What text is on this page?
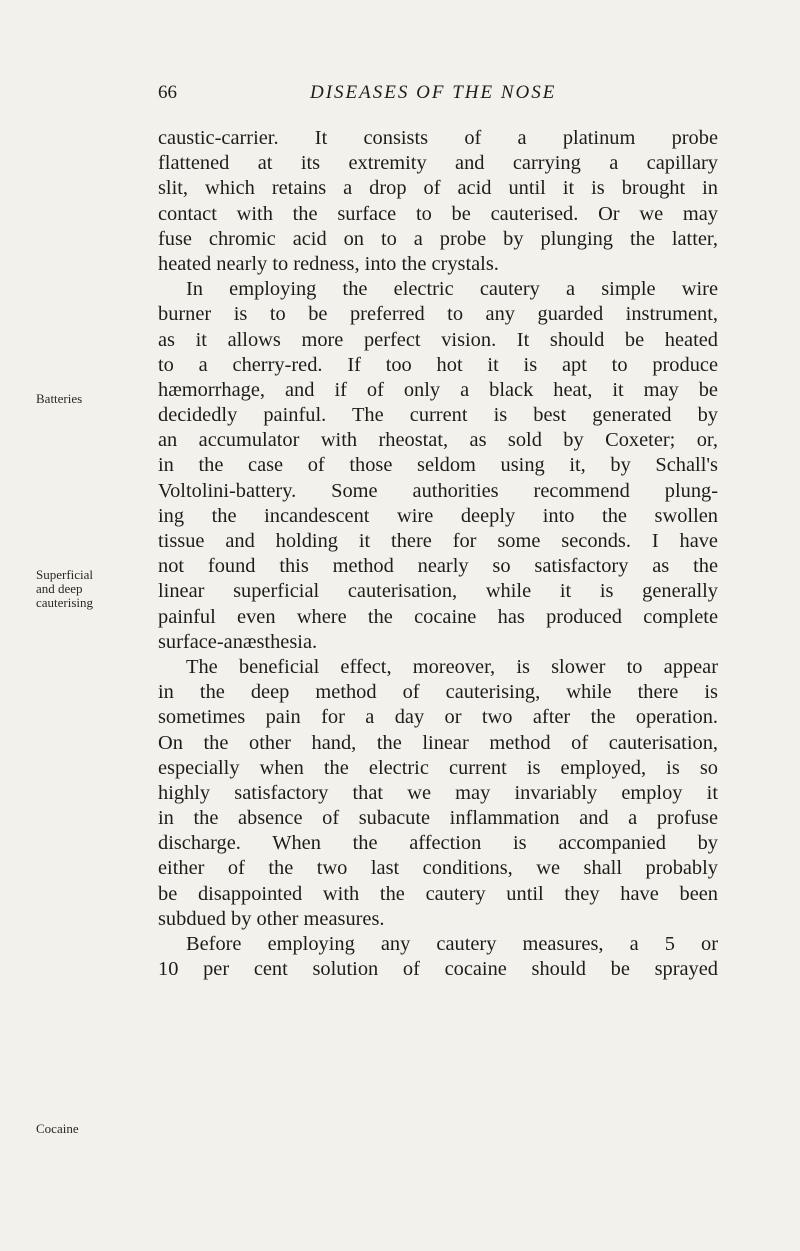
66	DISEASES OF THE NOSE
Batteries
Superficial
and deep
cauterising
Cocaine
caustic-carrier. It consists of a platinum probe
flattened at its extremity and carrying a capillary
slit, which retains a drop of acid until it is brought in
contact with the surface to be cauterised. Or we may
fuse chromic acid on to a probe by plunging the latter,
heated nearly to redness, into the crystals.
In employing the electric cautery a simple wire
burner is to be preferred to any guarded instrument,
as it allows more perfect vision. It should be heated
to a cherry-red. If too hot it is apt to produce
hæmorrhage, and if of only a black heat, it may be
decidedly painful. The current is best generated by
an accumulator with rheostat, as sold by Coxeter; or,
in the case of those seldom using it, by Schall's
Voltolini-battery. Some authorities recommend plung-
ing the incandescent wire deeply into the swollen
tissue and holding it there for some seconds. I have
not found this method nearly so satisfactory as the
linear superficial cauterisation, while it is generally
painful even where the cocaine has produced complete
surface-anæsthesia.
The beneficial effect, moreover, is slower to appear
in the deep method of cauterising, while there is
sometimes pain for a day or two after the operation.
On the other hand, the linear method of cauterisation,
especially when the electric current is employed, is so
highly satisfactory that we may invariably employ it
in the absence of subacute inflammation and a profuse
discharge. When the affection is accompanied by
either of the two last conditions, we shall probably
be disappointed with the cautery until they have been
subdued by other measures.
Before employing any cautery measures, a 5 or
10 per cent solution of cocaine should be sprayed
